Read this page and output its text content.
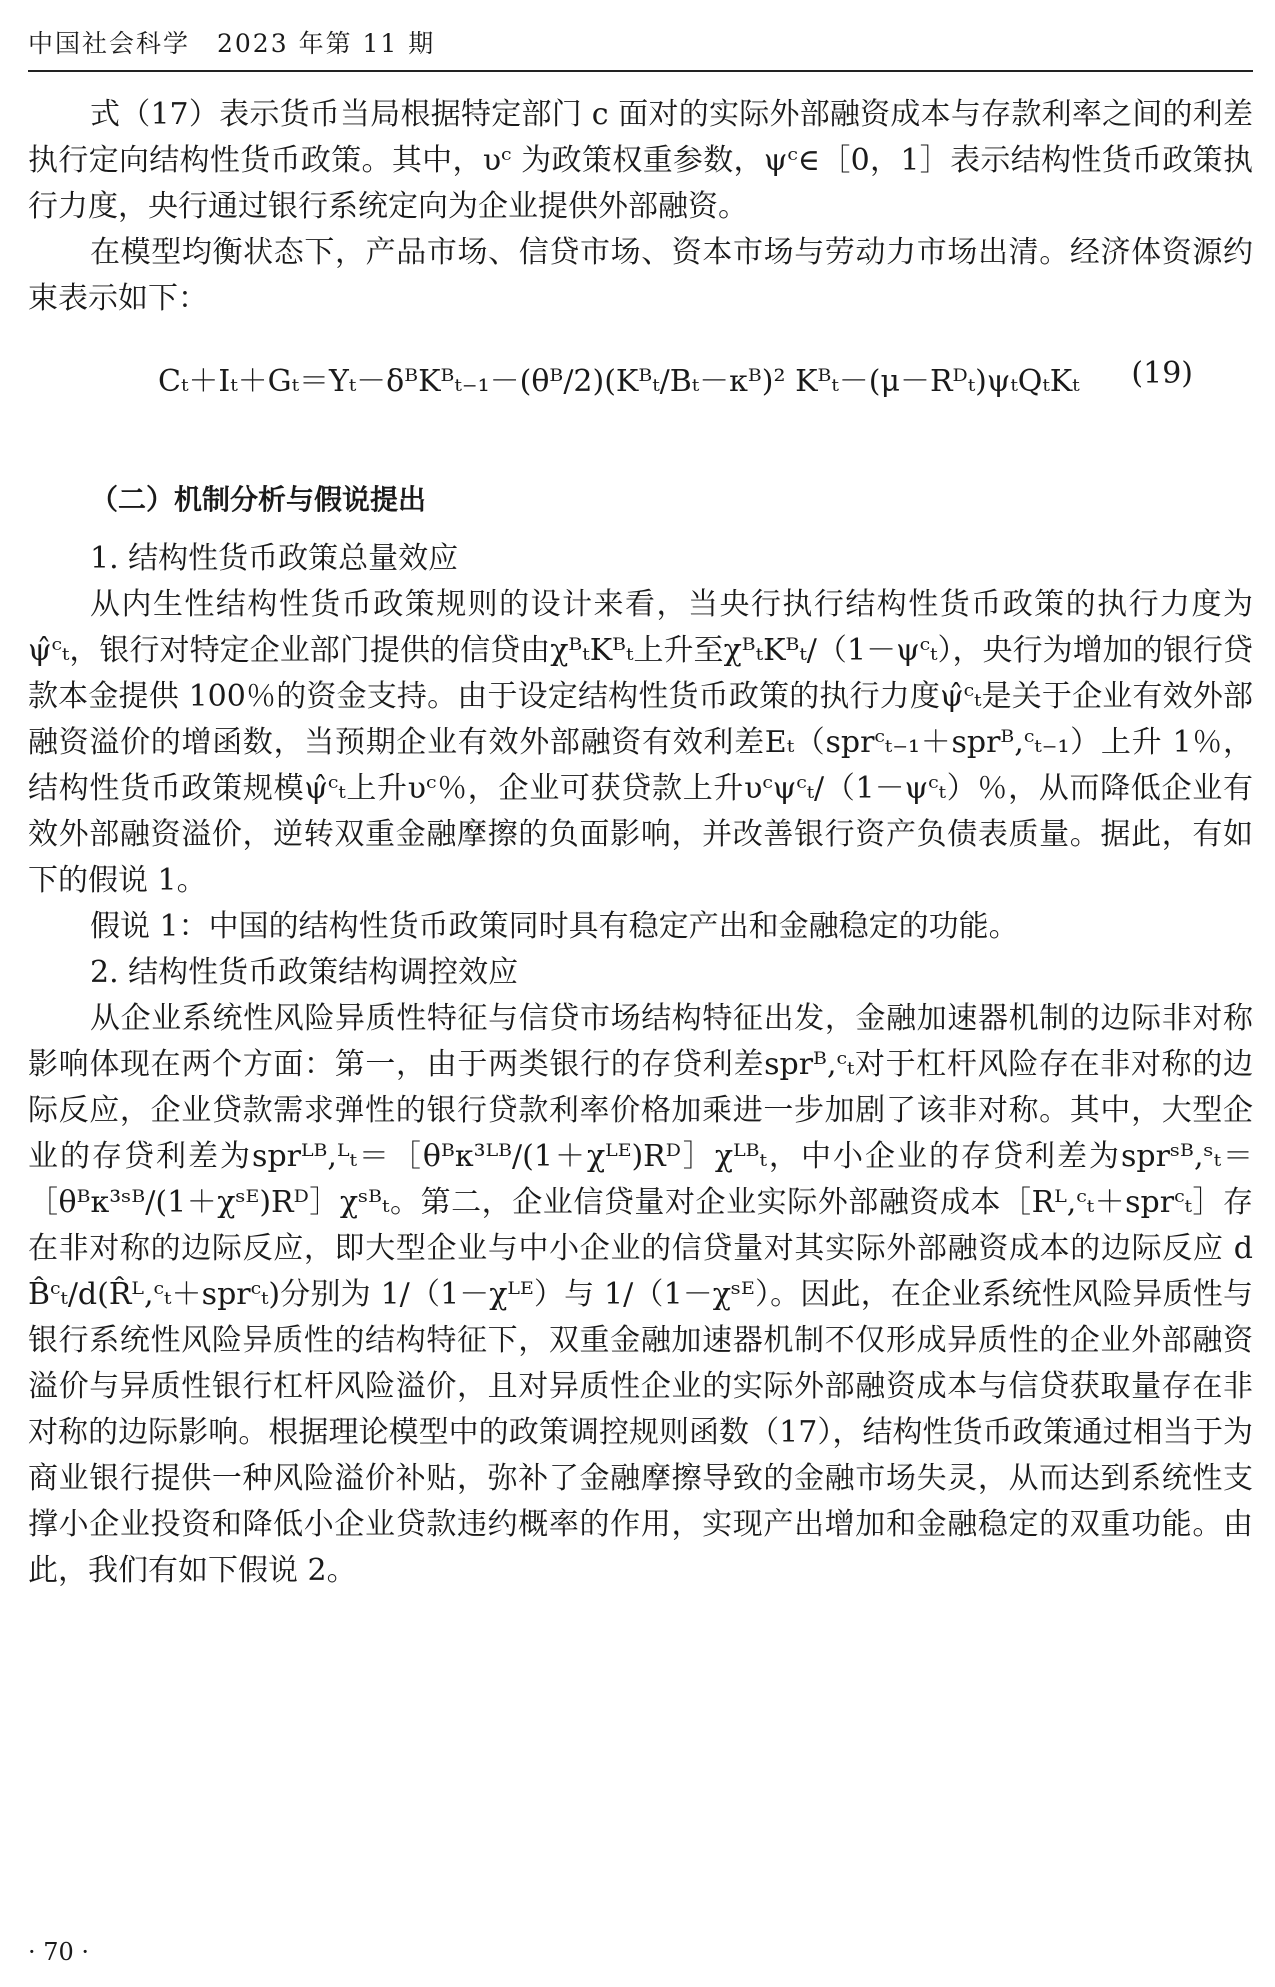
中国社会科学　2023 年第 11 期

式（17）表示货币当局根据特定部门 c 面对的实际外部融资成本与存款利率之间的利差执行定向结构性货币政策。其中，υᶜ 为政策权重参数，ψᶜ∈［0，1］表示结构性货币政策执行力度，央行通过银行系统定向为企业提供外部融资。

在模型均衡状态下，产品市场、信贷市场、资本市场与劳动力市场出清。经济体资源约束表示如下：

Cₜ＋Iₜ＋Gₜ＝Yₜ－δᴮKᴮₜ₋₁－(θᴮ/2)(Kᴮₜ/Bₜ－κᴮ)² Kᴮₜ－(μ－Rᴰₜ)ψₜQₜKₜ (19)
（二）机制分析与假说提出
1. 结构性货币政策总量效应

从内生性结构性货币政策规则的设计来看，当央行执行结构性货币政策的执行力度为ψ̂ᶜₜ，银行对特定企业部门提供的信贷由χᴮₜKᴮₜ上升至χᴮₜKᴮₜ/（1－ψᶜₜ），央行为增加的银行贷款本金提供 100％的资金支持。由于设定结构性货币政策的执行力度ψ̂ᶜₜ是关于企业有效外部融资溢价的增函数，当预期企业有效外部融资有效利差Eₜ（sprᶜₜ₋₁＋sprᴮ,ᶜₜ₋₁）上升 1％，结构性货币政策规模ψ̂ᶜₜ上升υᶜ％，企业可获贷款上升υᶜψᶜₜ/（1－ψᶜₜ）％，从而降低企业有效外部融资溢价，逆转双重金融摩擦的负面影响，并改善银行资产负债表质量。据此，有如下的假说 1。

假说 1：中国的结构性货币政策同时具有稳定产出和金融稳定的功能。

2. 结构性货币政策结构调控效应

从企业系统性风险异质性特征与信贷市场结构特征出发，金融加速器机制的边际非对称影响体现在两个方面：第一，由于两类银行的存贷利差sprᴮ,ᶜₜ对于杠杆风险存在非对称的边际反应，企业贷款需求弹性的银行贷款利率价格加乘进一步加剧了该非对称。其中，大型企业的存贷利差为sprᴸᴮ,ᴸₜ＝［θᴮκ³ᴸᴮ/(1＋χᴸᴱ)Rᴰ］χᴸᴮₜ，中小企业的存贷利差为sprˢᴮ,ˢₜ＝［θᴮκ³ˢᴮ/(1＋χˢᴱ)Rᴰ］χˢᴮₜ。第二，企业信贷量对企业实际外部融资成本［Rᴸ,ᶜₜ＋sprᶜₜ］存在非对称的边际反应，即大型企业与中小企业的信贷量对其实际外部融资成本的边际反应 d B̂ᶜₜ/d(R̂ᴸ,ᶜₜ＋sprᶜₜ)分别为 1/（1－χᴸᴱ）与 1/（1－χˢᴱ）。因此，在企业系统性风险异质性与银行系统性风险异质性的结构特征下，双重金融加速器机制不仅形成异质性的企业外部融资溢价与异质性银行杠杆风险溢价，且对异质性企业的实际外部融资成本与信贷获取量存在非对称的边际影响。根据理论模型中的政策调控规则函数（17），结构性货币政策通过相当于为商业银行提供一种风险溢价补贴，弥补了金融摩擦导致的金融市场失灵，从而达到系统性支撑小企业投资和降低小企业贷款违约概率的作用，实现产出增加和金融稳定的双重功能。由此，我们有如下假说 2。

· 70 ·
